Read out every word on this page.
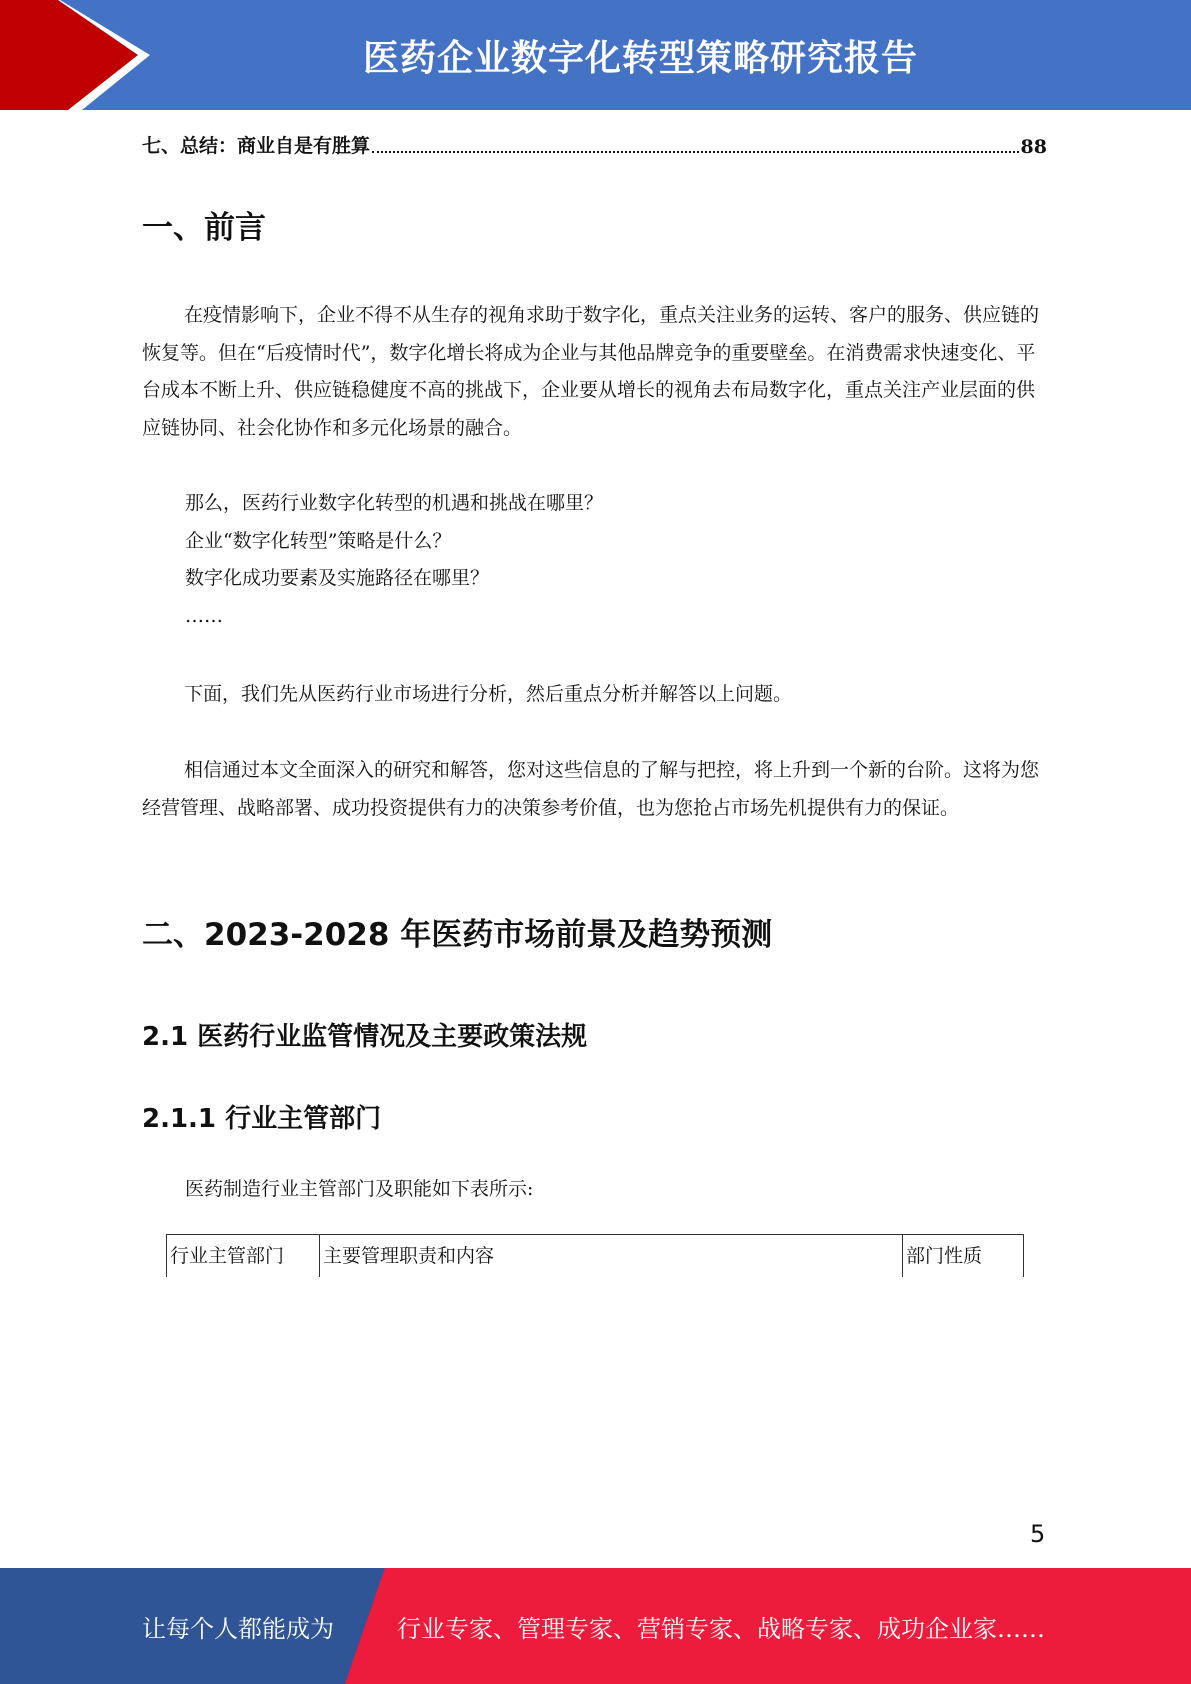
医药企业数字化转型策略研究报告
七、总结：商业自是有胜算	88
一、前言

在疫情影响下，企业不得不从生存的视角求助于数字化，重点关注业务的运转、客户的服务、供应链的恢复等。但在“后疫情时代”，数字化增长将成为企业与其他品牌竞争的重要壁垒。在消费需求快速变化、平台成本不断上升、供应链稳健度不高的挑战下，企业要从增长的视角去布局数字化，重点关注产业层面的供应链协同、社会化协作和多元化场景的融合。

那么，医药行业数字化转型的机遇和挑战在哪里？
企业“数字化转型”策略是什么？
数字化成功要素及实施路径在哪里？
……

下面，我们先从医药行业市场进行分析，然后重点分析并解答以上问题。

相信通过本文全面深入的研究和解答，您对这些信息的了解与把控，将上升到一个新的台阶。这将为您经营管理、战略部署、成功投资提供有力的决策参考价值，也为您抢占市场先机提供有力的保证。

二、2023-2028 年医药市场前景及趋势预测
2.1 医药行业监管情况及主要政策法规
2.1.1 行业主管部门
医药制造行业主管部门及职能如下表所示:
行业主管部门	主要管理职责和内容	部门性质
5
让每个人都能成为	行业专家、管理专家、营销专家、战略专家、成功企业家……
